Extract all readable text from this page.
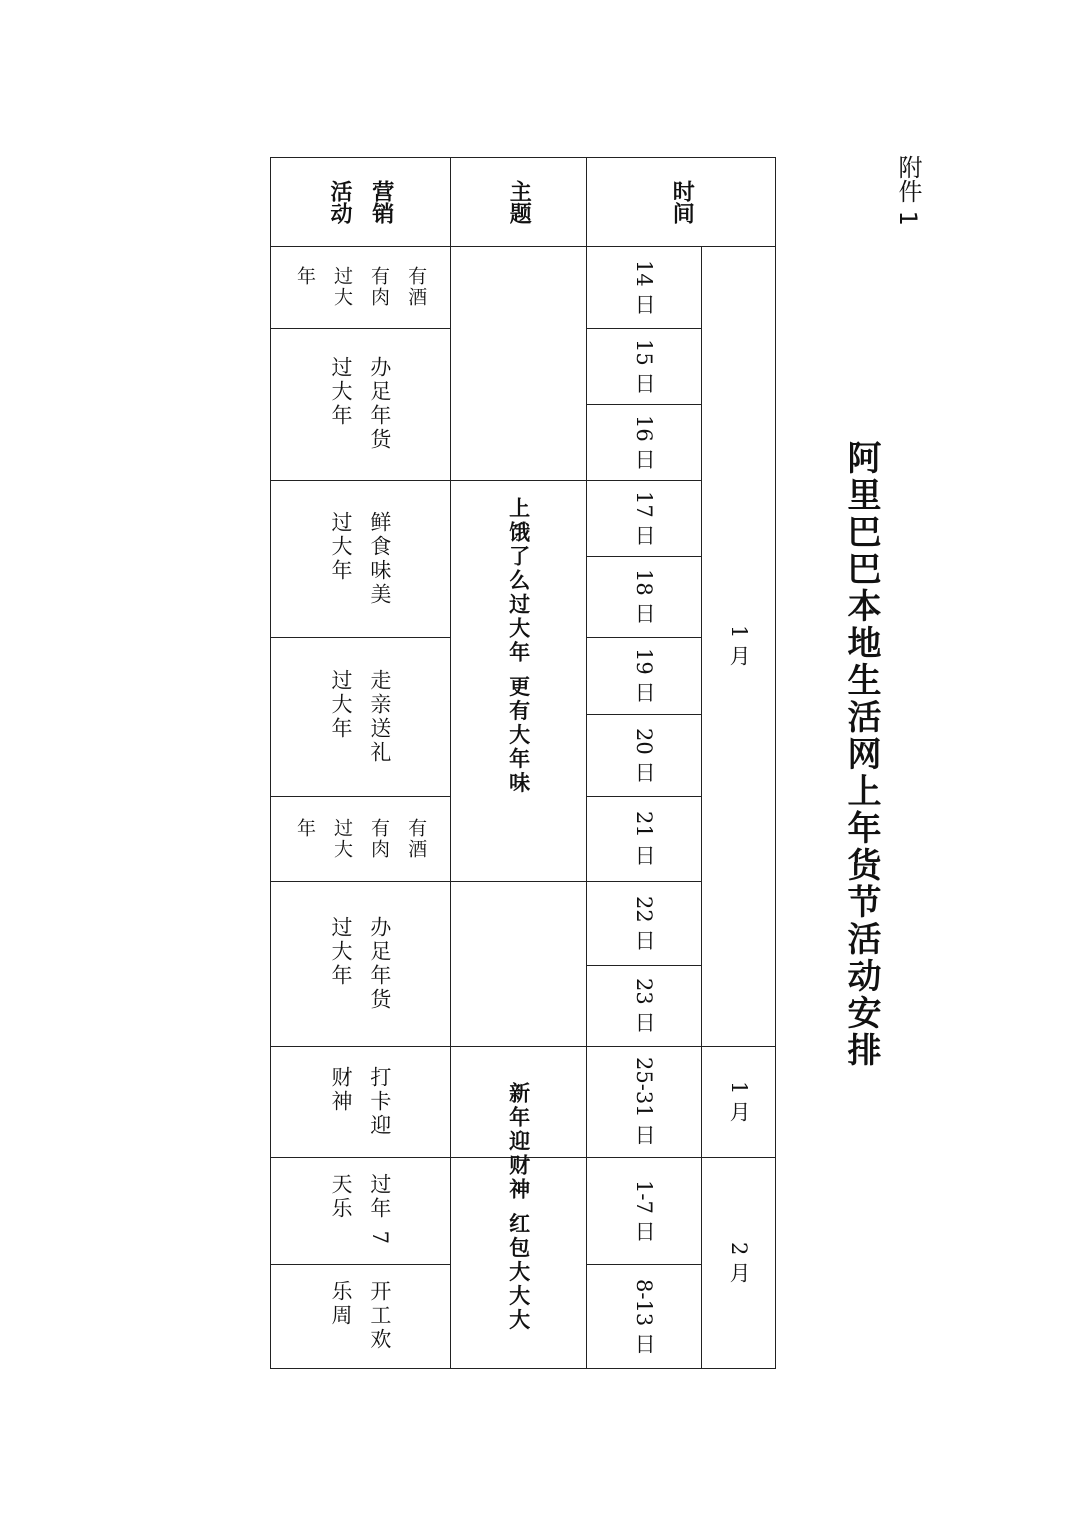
附件 1
阿里巴巴本地生活网上年货节活动安排
时间
主题
营销
活动
1 月
1 月
2 月
14 日
15 日
16 日
17 日
18 日
19 日
20 日
21 日
22 日
23 日
25-31 日
1-7 日
8-13 日
上饿了么过大年 更有大年味
新年迎财神 红包大大大
有酒
有肉
过大
年
办足年货
过大年
鲜食味美
过大年
走亲送礼
过大年
有酒
有肉
过大
年
办足年货
过大年
打卡迎
财神
过年 7
天乐
开工欢
乐周
